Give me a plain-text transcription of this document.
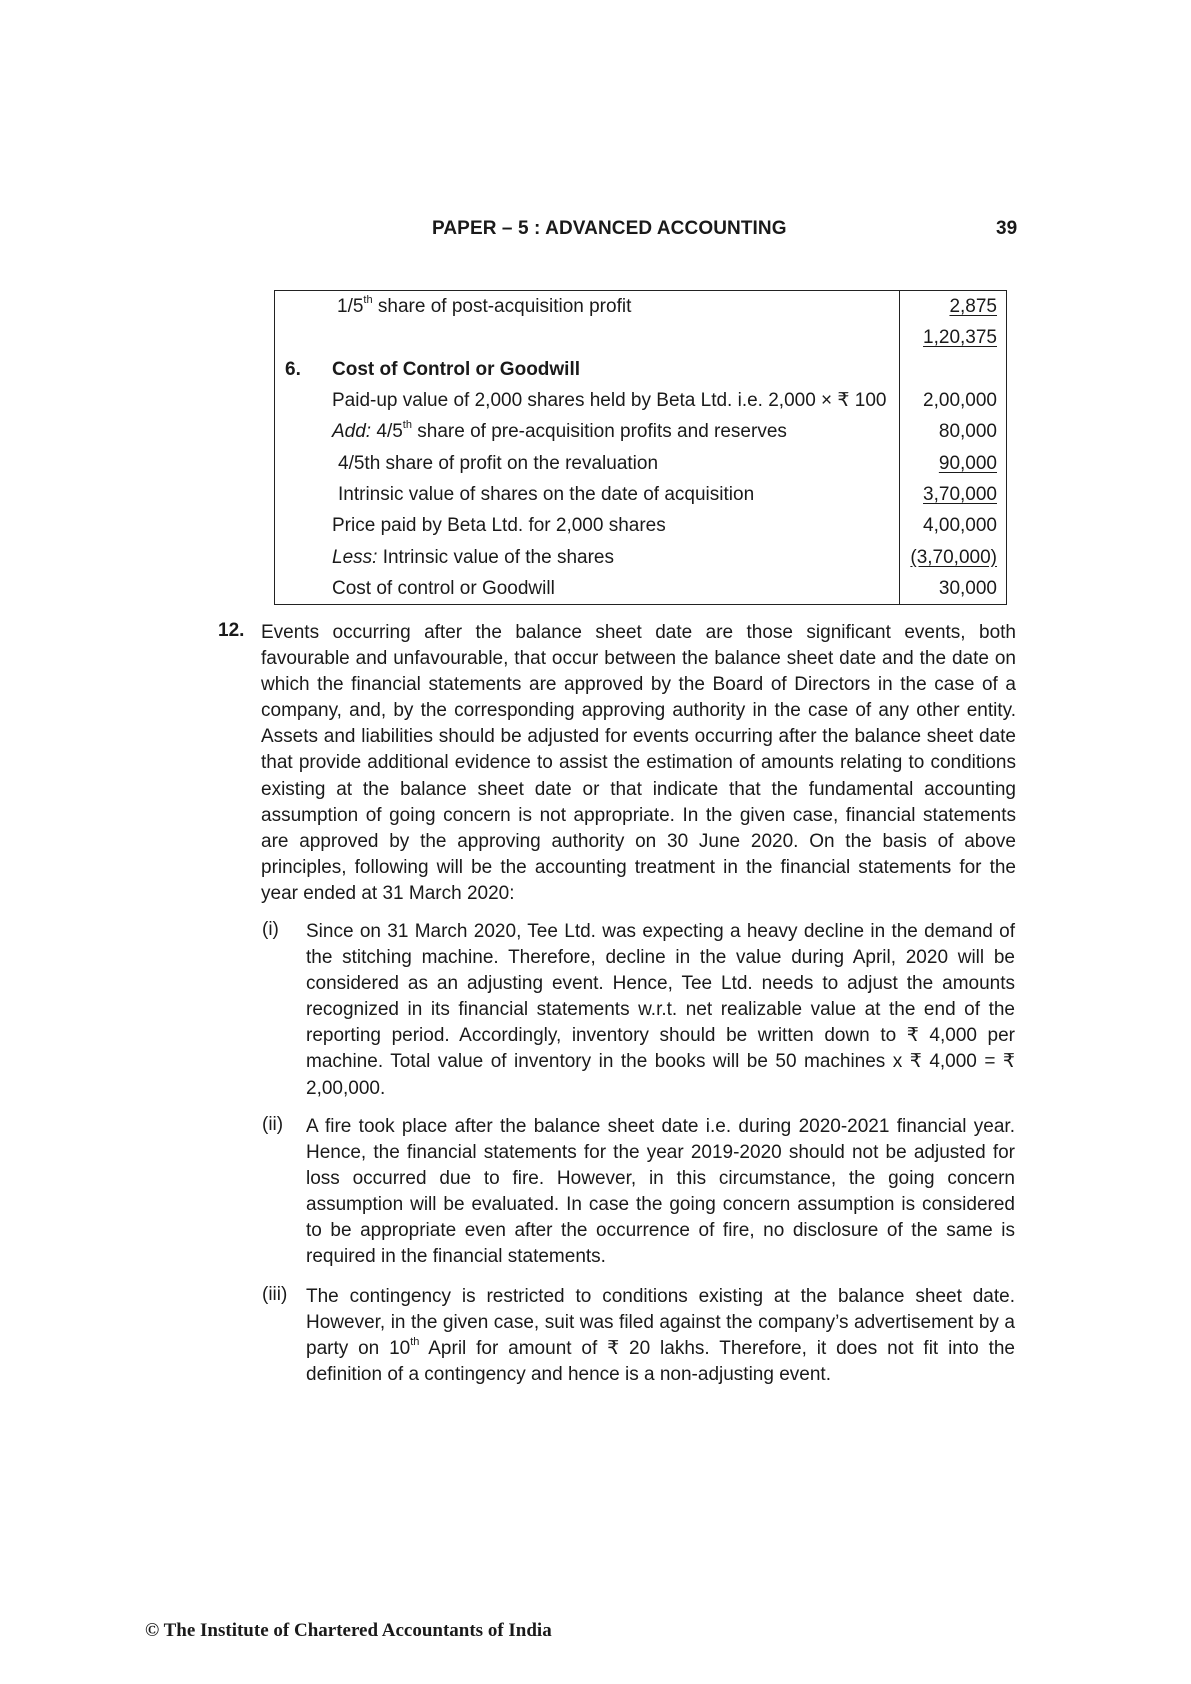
PAPER – 5 : ADVANCED ACCOUNTING	39
	1/5th share of post-acquisition profit	2,875
		1,20,375
6.	Cost of Control or Goodwill	
	Paid-up value of 2,000 shares held by Beta Ltd. i.e. 2,000 × ₹ 100	2,00,000
	Add: 4/5th share of pre-acquisition profits and reserves	80,000
	4/5th share of profit on the revaluation	90,000
	Intrinsic value of shares on the date of acquisition	3,70,000
	Price paid by Beta Ltd. for 2,000 shares	4,00,000
	Less: Intrinsic value of the shares	(3,70,000)
	Cost of control or Goodwill	30,000
12. Events occurring after the balance sheet date are those significant events, both favourable and unfavourable, that occur between the balance sheet date and the date on which the financial statements are approved by the Board of Directors in the case of a company, and, by the corresponding approving authority in the case of any other entity. Assets and liabilities should be adjusted for events occurring after the balance sheet date that provide additional evidence to assist the estimation of amounts relating to conditions existing at the balance sheet date or that indicate that the fundamental accounting assumption of going concern is not appropriate. In the given case, financial statements are approved by the approving authority on 30 June 2020. On the basis of above principles, following will be the accounting treatment in the financial statements for the year ended at 31 March 2020:
(i) Since on 31 March 2020, Tee Ltd. was expecting a heavy decline in the demand of the stitching machine. Therefore, decline in the value during April, 2020 will be considered as an adjusting event. Hence, Tee Ltd. needs to adjust the amounts recognized in its financial statements w.r.t. net realizable value at the end of the reporting period. Accordingly, inventory should be written down to ₹ 4,000 per machine. Total value of inventory in the books will be 50 machines x ₹ 4,000 = ₹ 2,00,000.
(ii) A fire took place after the balance sheet date i.e. during 2020-2021 financial year. Hence, the financial statements for the year 2019-2020 should not be adjusted for loss occurred due to fire. However, in this circumstance, the going concern assumption will be evaluated. In case the going concern assumption is considered to be appropriate even after the occurrence of fire, no disclosure of the same is required in the financial statements.
(iii) The contingency is restricted to conditions existing at the balance sheet date. However, in the given case, suit was filed against the company’s advertisement by a party on 10th April for amount of ₹ 20 lakhs. Therefore, it does not fit into the definition of a contingency and hence is a non-adjusting event.
© The Institute of Chartered Accountants of India
